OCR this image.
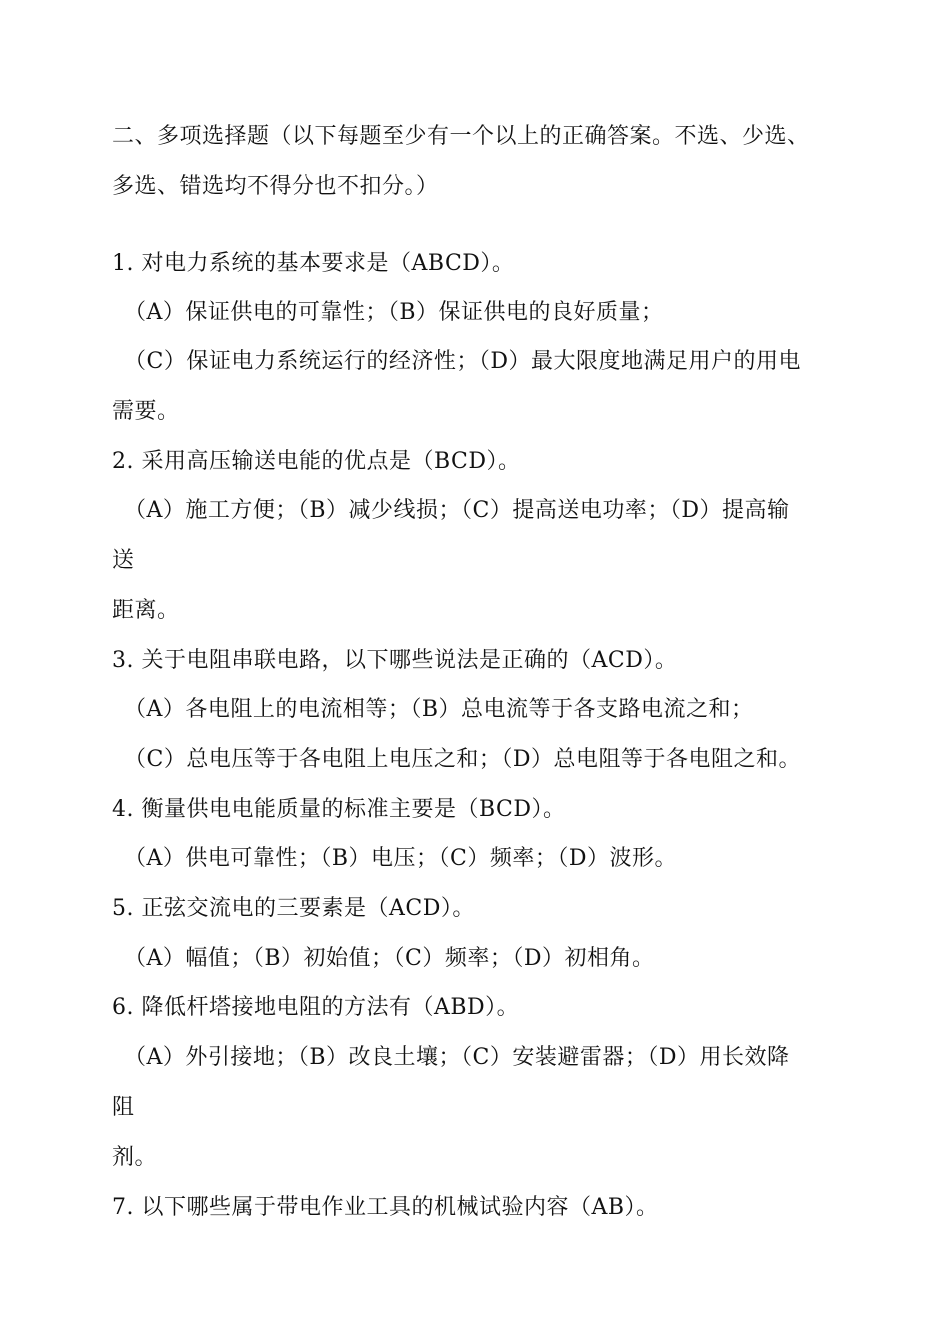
二、多项选择题（以下每题至少有一个以上的正确答案。不选、少选、
多选、错选均不得分也不扣分。）
1. 对电力系统的基本要求是（ABCD）。
（A）保证供电的可靠性；（B）保证供电的良好质量；
（C）保证电力系统运行的经济性；（D）最大限度地满足用户的用电
需要。
2. 采用高压输送电能的优点是（BCD）。
（A）施工方便；（B）减少线损；（C）提高送电功率；（D）提高输
送
距离。
3. 关于电阻串联电路，以下哪些说法是正确的（ACD）。
（A）各电阻上的电流相等；（B）总电流等于各支路电流之和；
（C）总电压等于各电阻上电压之和；（D）总电阻等于各电阻之和。
4. 衡量供电电能质量的标准主要是（BCD）。
（A）供电可靠性；（B）电压；（C）频率；（D）波形。
5. 正弦交流电的三要素是（ACD）。
（A）幅值；（B）初始值；（C）频率；（D）初相角。
6. 降低杆塔接地电阻的方法有（ABD）。
（A）外引接地；（B）改良土壤；（C）安装避雷器；（D）用长效降
阻
剂。
7. 以下哪些属于带电作业工具的机械试验内容（AB）。
